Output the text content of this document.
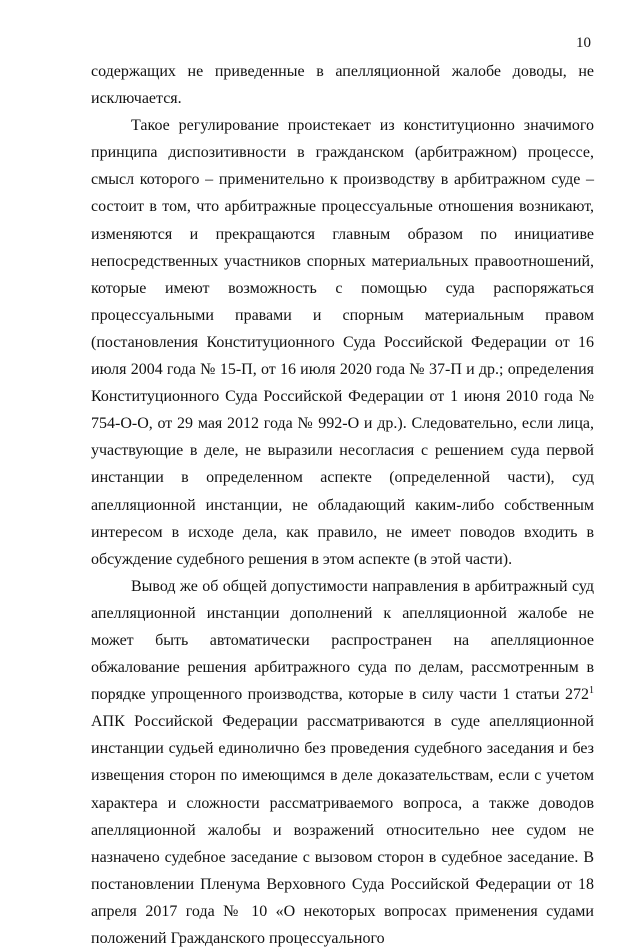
10

содержащих не приведенные в апелляционной жалобе доводы, не исключается.

Такое регулирование проистекает из конституционно значимого принципа диспозитивности в гражданском (арбитражном) процессе, смысл которого – применительно к производству в арбитражном суде – состоит в том, что арбитражные процессуальные отношения возникают, изменяются и прекращаются главным образом по инициативе непосредственных участников спорных материальных правоотношений, которые имеют возможность с помощью суда распоряжаться процессуальными правами и спорным материальным правом (постановления Конституционного Суда Российской Федерации от 16 июля 2004 года № 15-П, от 16 июля 2020 года № 37-П и др.; определения Конституционного Суда Российской Федерации от 1 июня 2010 года № 754-О-О, от 29 мая 2012 года № 992-О и др.). Следовательно, если лица, участвующие в деле, не выразили несогласия с решением суда первой инстанции в определенном аспекте (определенной части), суд апелляционной инстанции, не обладающий каким-либо собственным интересом в исходе дела, как правило, не имеет поводов входить в обсуждение судебного решения в этом аспекте (в этой части).

Вывод же об общей допустимости направления в арбитражный суд апелляционной инстанции дополнений к апелляционной жалобе не может быть автоматически распространен на апелляционное обжалование решения арбитражного суда по делам, рассмотренным в порядке упрощенного производства, которые в силу части 1 статьи $272^1$ АПК Российской Федерации рассматриваются в суде апелляционной инстанции судьей единолично без проведения судебного заседания и без извещения сторон по имеющимся в деле доказательствам, если с учетом характера и сложности рассматриваемого вопроса, а также доводов апелляционной жалобы и возражений относительно нее судом не назначено судебное заседание с вызовом сторон в судебное заседание. В постановлении Пленума Верховного Суда Российской Федерации от 18 апреля 2017 года № 10 «О некоторых вопросах применения судами положений Гражданского процессуального
